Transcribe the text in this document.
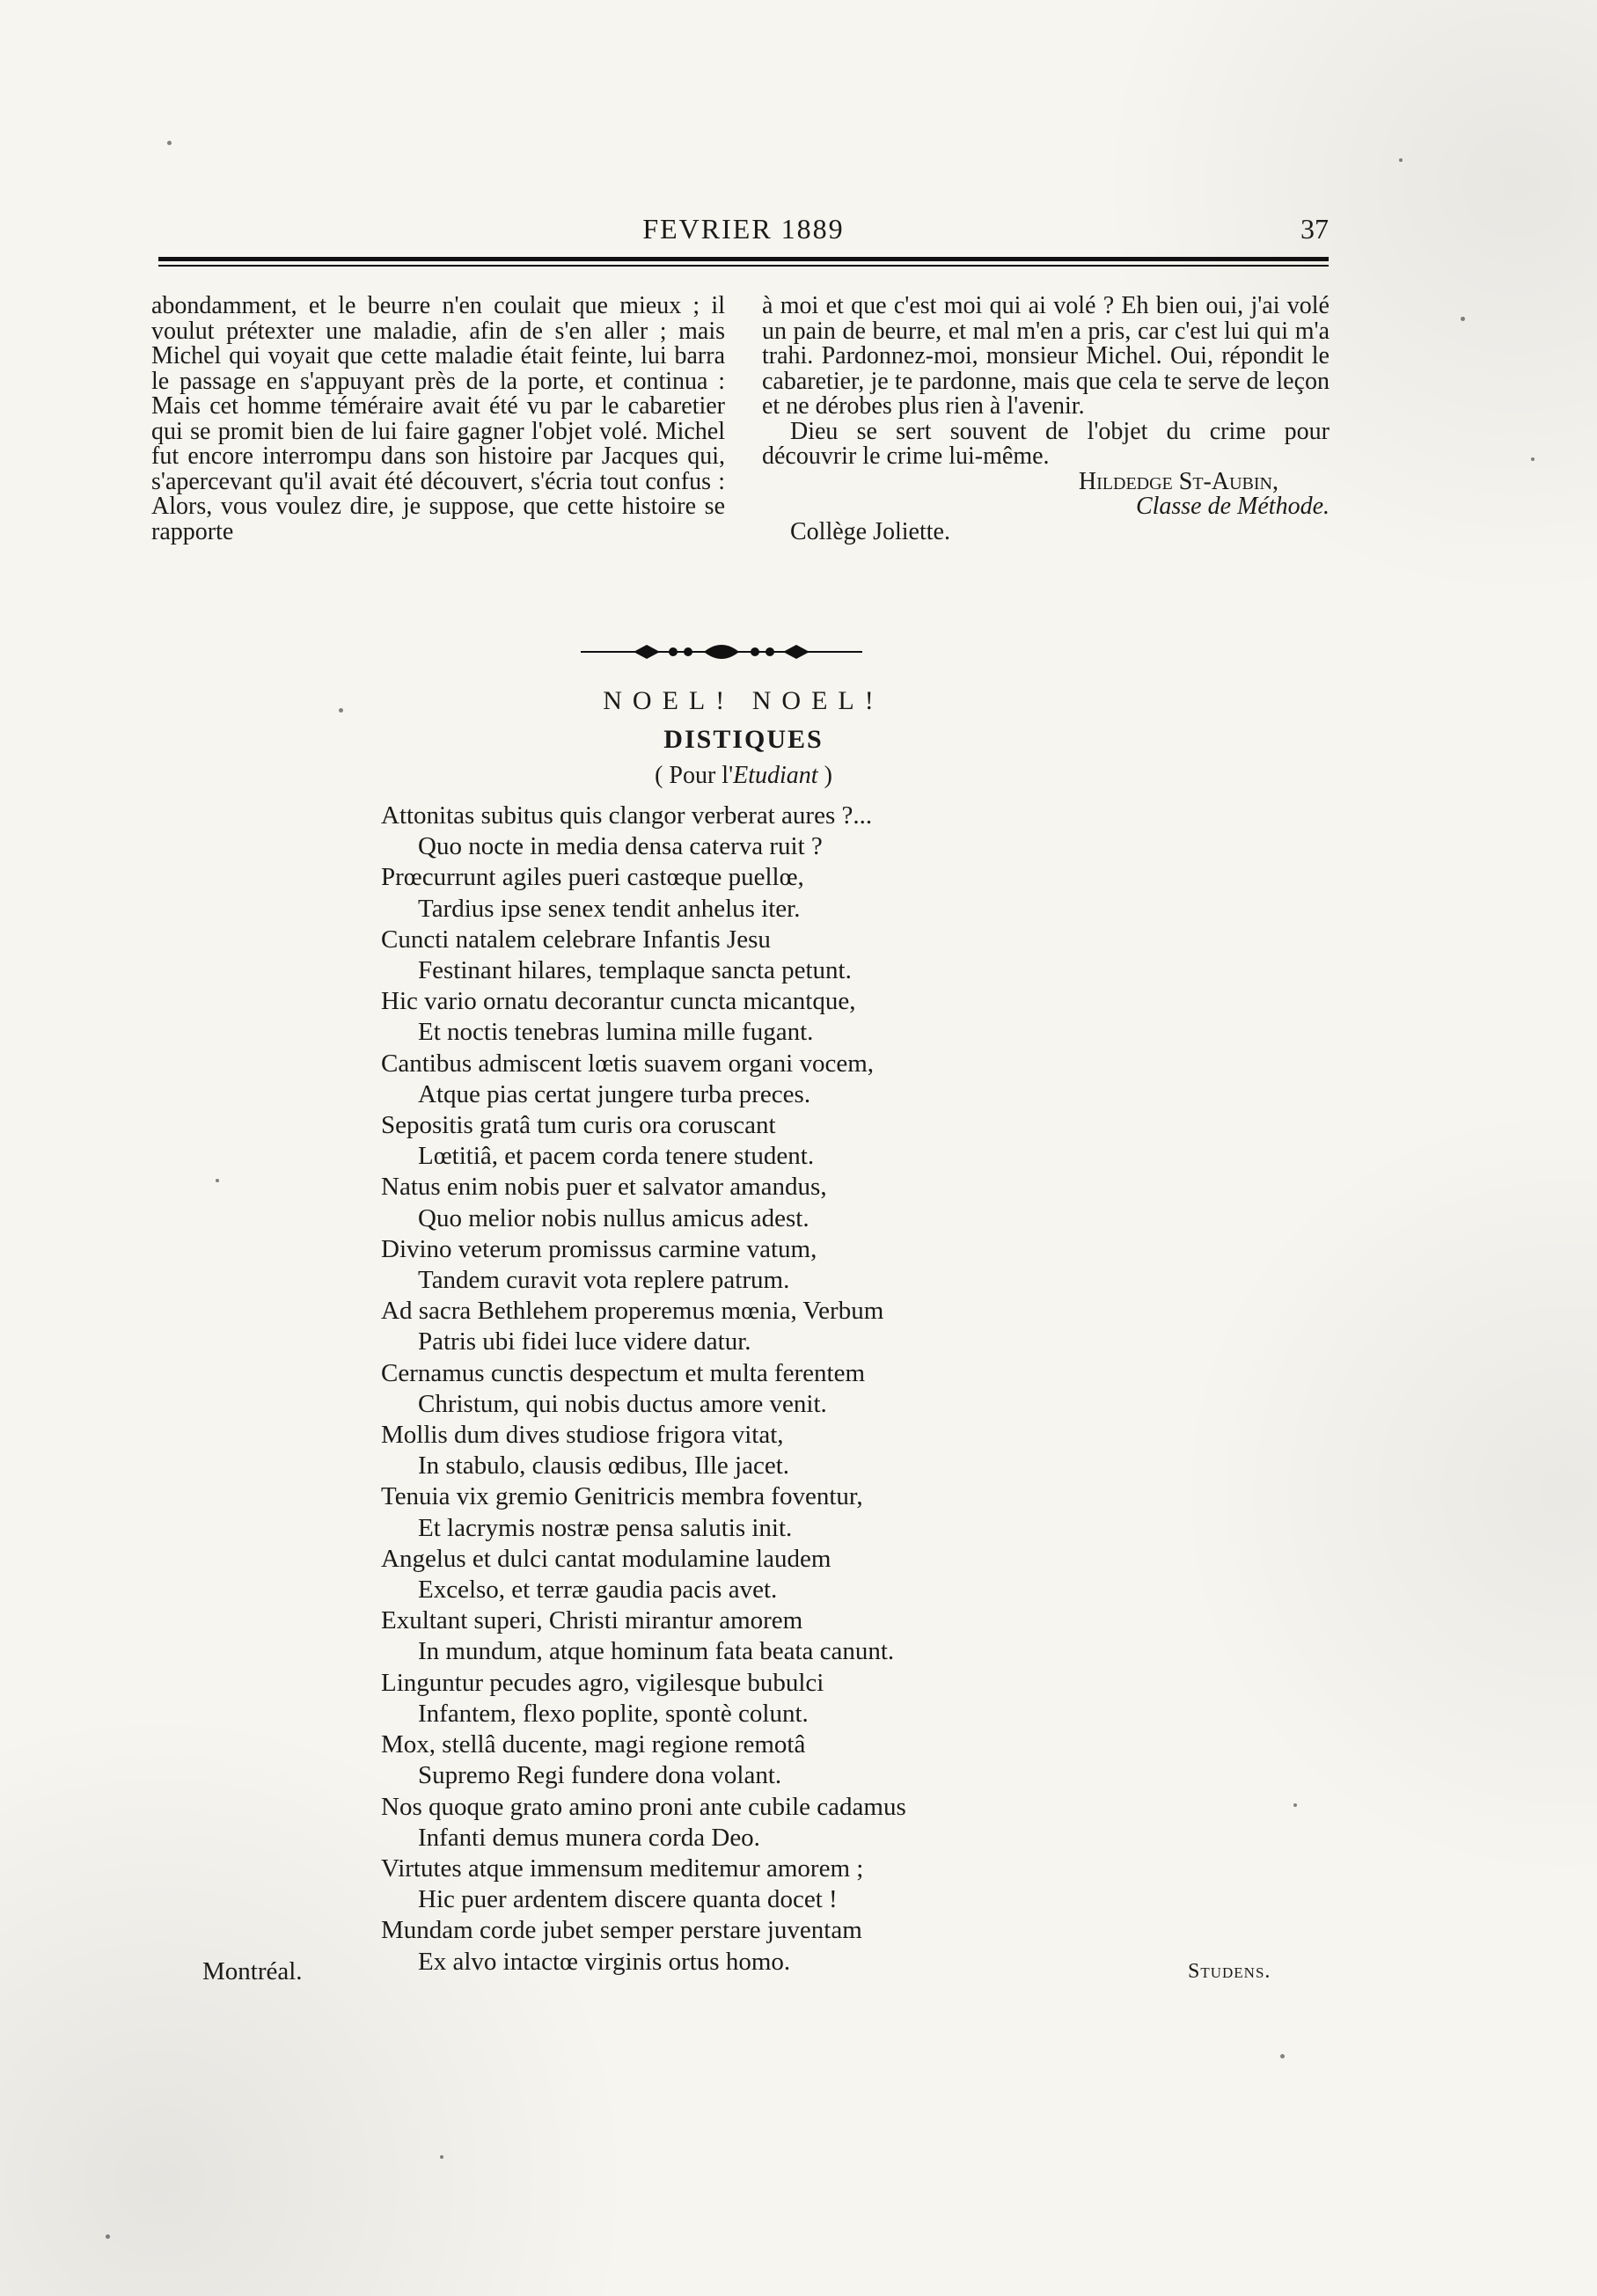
FEVRIER 1889	37

abondamment, et le beurre n'en coulait que mieux ; il voulut prétexter une maladie, afin de s'en aller ; mais Michel qui voyait que cette maladie était feinte, lui barra le passage en s'appuyant près de la porte, et continua : Mais cet homme téméraire avait été vu par le cabaretier qui se promit bien de lui faire gagner l'objet volé. Michel fut encore interrompu dans son histoire par Jacques qui, s'apercevant qu'il avait été découvert, s'écria tout confus : Alors, vous voulez dire, je suppose, que cette histoire se rapporte

à moi et que c'est moi qui ai volé ? Eh bien oui, j'ai volé un pain de beurre, et mal m'en a pris, car c'est lui qui m'a trahi. Pardonnez-moi, monsieur Michel. Oui, répondit le cabaretier, je te pardonne, mais que cela te serve de leçon et ne dérobes plus rien à l'avenir.

Dieu se sert souvent de l'objet du crime pour découvrir le crime lui-même.

Hildedge St-Aubin,

Classe de Méthode.

Collège Joliette.

NOEL! NOEL!
DISTIQUES
( Pour l'Etudiant )
Attonitas subitus quis clangor verberat aures ?...
Quo nocte in media densa caterva ruit ?
Prœcurrunt agiles pueri castœque puellœ,
Tardius ipse senex tendit anhelus iter.
Cuncti natalem celebrare Infantis Jesu
Festinant hilares, templaque sancta petunt.
Hic vario ornatu decorantur cuncta micantque,
Et noctis tenebras lumina mille fugant.
Cantibus admiscent lœtis suavem organi vocem,
Atque pias certat jungere turba preces.
Sepositis gratâ tum curis ora coruscant
Lœtitiâ, et pacem corda tenere student.
Natus enim nobis puer et salvator amandus,
Quo melior nobis nullus amicus adest.
Divino veterum promissus carmine vatum,
Tandem curavit vota replere patrum.
Ad sacra Bethlehem properemus mœnia, Verbum
Patris ubi fidei luce videre datur.
Cernamus cunctis despectum et multa ferentem
Christum, qui nobis ductus amore venit.
Mollis dum dives studiose frigora vitat,
In stabulo, clausis œdibus, Ille jacet.
Tenuia vix gremio Genitricis membra foventur,
Et lacrymis nostræ pensa salutis init.
Angelus et dulci cantat modulamine laudem
Excelso, et terræ gaudia pacis avet.
Exultant superi, Christi mirantur amorem
In mundum, atque hominum fata beata canunt.
Linguntur pecudes agro, vigilesque bubulci
Infantem, flexo poplite, spontè colunt.
Mox, stellâ ducente, magi regione remotâ
Supremo Regi fundere dona volant.
Nos quoque grato amino proni ante cubile cadamus
Infanti demus munera corda Deo.
Virtutes atque immensum meditemur amorem ;
Hic puer ardentem discere quanta docet !
Mundam corde jubet semper perstare juventam
Ex alvo intactœ virginis ortus homo.
Montréal.	Studens.
